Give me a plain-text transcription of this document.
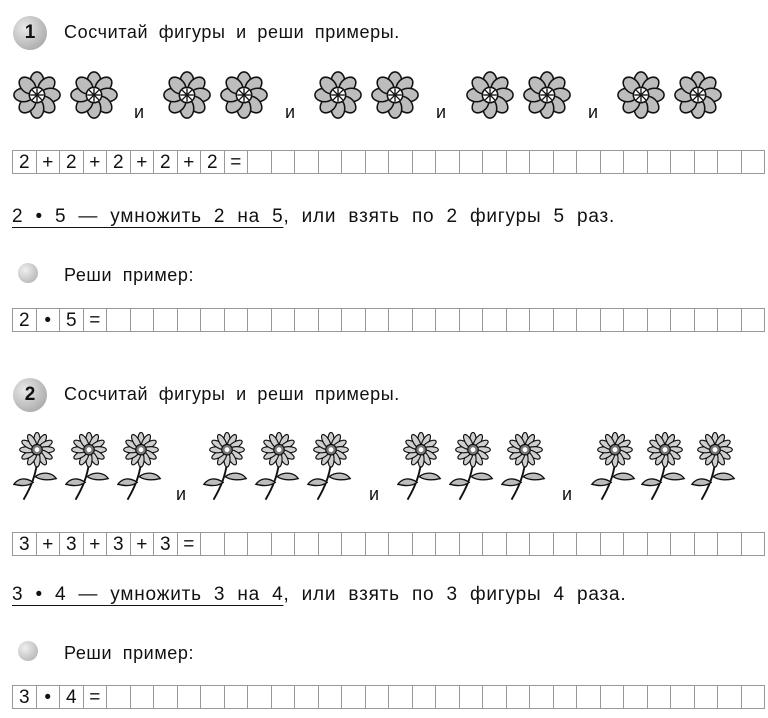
1	Сосчитай фигуры и реши примеры.
и	и	и	и
2 + 2 + 2 + 2 + 2 =
2 • 5 — умножить 2 на 5, или взять по 2 фигуры 5 раз.
Реши пример:
2 • 5 =
2	Сосчитай фигуры и реши примеры.
и	и	и
3 + 3 + 3 + 3 =
3 • 4 — умножить 3 на 4, или взять по 3 фигуры 4 раза.
Реши пример:
3 • 4 =
